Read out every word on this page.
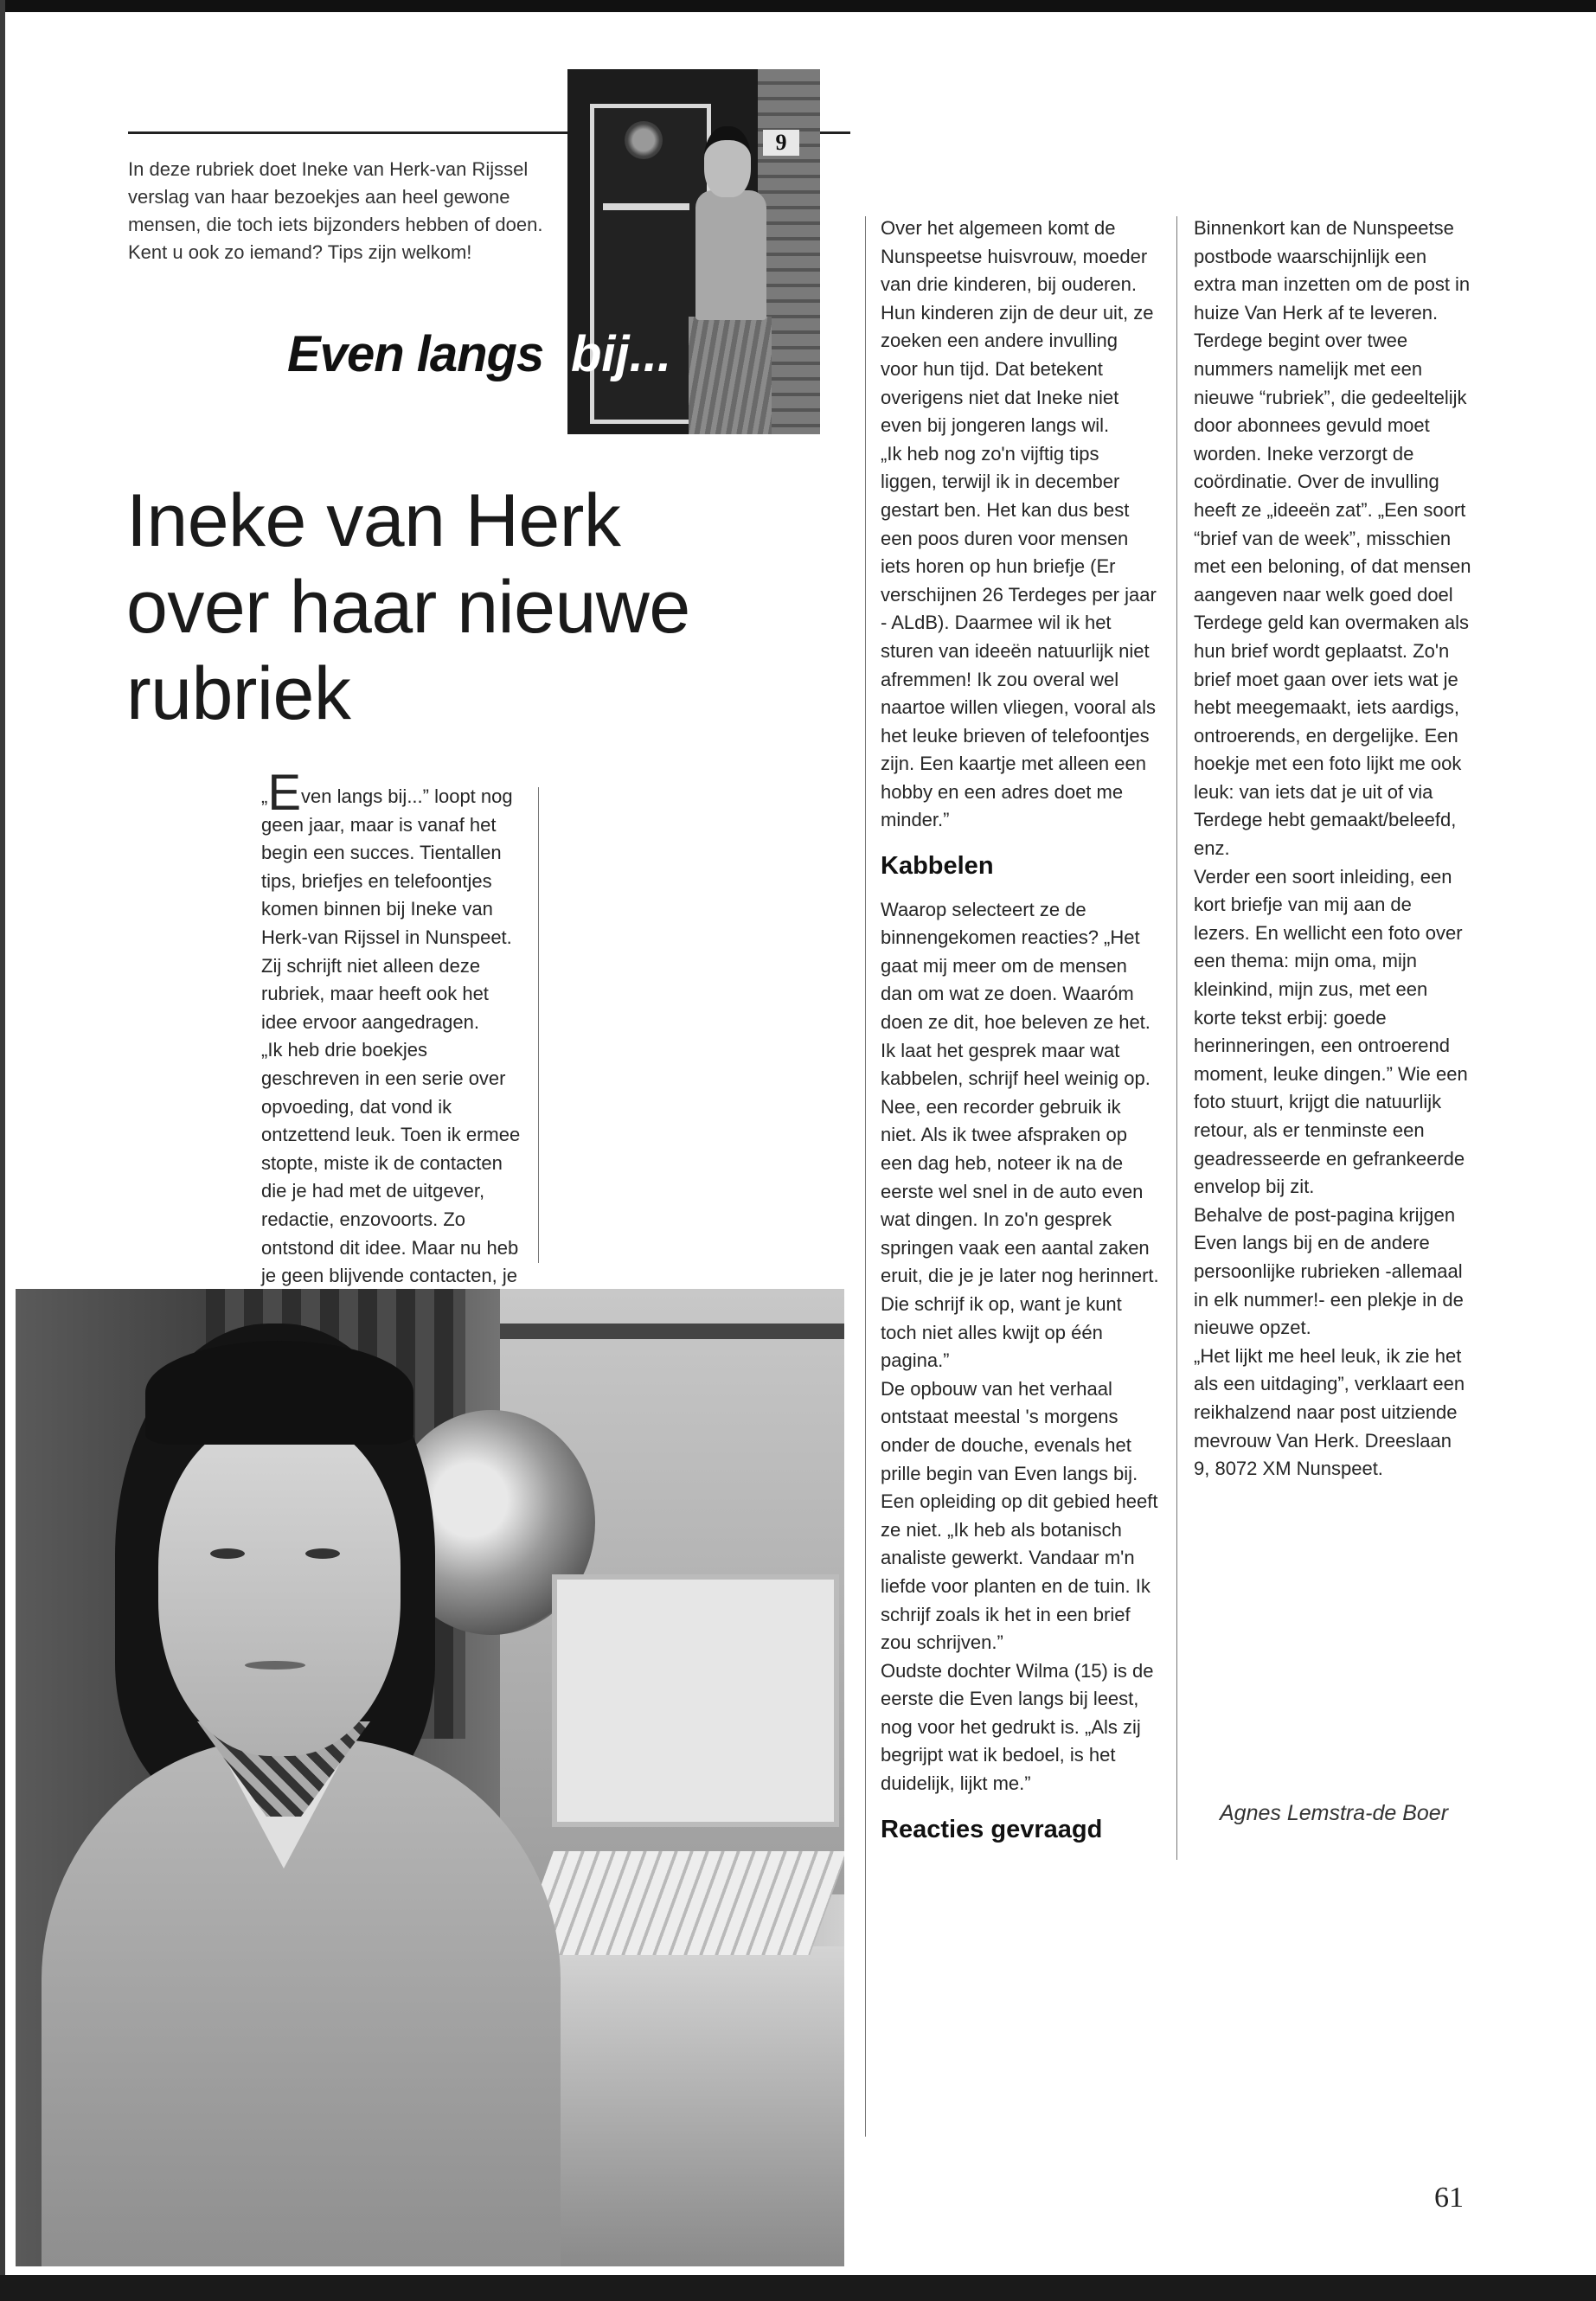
In deze rubriek doet Ineke van Herk-van Rijssel verslag van haar bezoekjes aan heel gewone mensen, die toch iets bijzonders hebben of doen. Kent u ook zo iemand? Tips zijn welkom!
9
Even langs bij...
Ineke van Herk over haar nieuwe rubriek

„Even langs bij...” loopt nog geen jaar, maar is vanaf het begin een succes. Tientallen tips, briefjes en telefoontjes komen binnen bij Ineke van Herk-van Rijssel in Nunspeet. Zij schrijft niet alleen deze rubriek, maar heeft ook het idee ervoor aangedragen.

„Ik heb drie boekjes geschreven in een serie over opvoeding, dat vond ik ontzettend leuk. Toen ik ermee stopte, miste ik de contacten die je had met de uitgever, redactie, enzovoorts. Zo ontstond dit idee. Maar nu heb je geen blijvende contacten, je

Over het algemeen komt de Nunspeetse huisvrouw, moeder van drie kinderen, bij ouderen. Hun kinderen zijn de deur uit, ze zoeken een andere invulling voor hun tijd. Dat betekent overigens niet dat Ineke niet even bij jongeren langs wil.

„Ik heb nog zo'n vijftig tips liggen, terwijl ik in december gestart ben. Het kan dus best een poos duren voor mensen iets horen op hun briefje (Er verschijnen 26 Terdeges per jaar - ALdB). Daarmee wil ik het sturen van ideeën natuurlijk niet afremmen! Ik zou overal wel naartoe willen vliegen, vooral als het leuke brieven of telefoontjes zijn. Een kaartje met alleen een hobby en een adres doet me minder.”

Kabbelen

Waarop selecteert ze de binnengekomen reacties? „Het gaat mij meer om de mensen dan om wat ze doen. Waaróm doen ze dit, hoe beleven ze het. Ik laat het gesprek maar wat kabbelen, schrijf heel weinig op. Nee, een recorder gebruik ik niet. Als ik twee afspraken op een dag heb, noteer ik na de eerste wel snel in de auto even wat dingen. In zo'n gesprek springen vaak een aantal zaken eruit, die je je later nog herinnert. Die schrijf ik op, want je kunt toch niet alles kwijt op één pagina.”

De opbouw van het verhaal ontstaat meestal 's morgens onder de douche, evenals het prille begin van Even langs bij. Een opleiding op dit gebied heeft ze niet. „Ik heb als botanisch analiste gewerkt. Vandaar m'n liefde voor planten en de tuin. Ik schrijf zoals ik het in een brief zou schrijven.”

Oudste dochter Wilma (15) is de eerste die Even langs bij leest, nog voor het gedrukt is. „Als zij begrijpt wat ik bedoel, is het duidelijk, lijkt me.”

Reacties gevraagd

Binnenkort kan de Nunspeetse postbode waarschijnlijk een extra man inzetten om de post in huize Van Herk af te leveren. Terdege begint over twee nummers namelijk met een nieuwe “rubriek”, die gedeeltelijk door abonnees gevuld moet worden. Ineke verzorgt de coördinatie. Over de invulling heeft ze „ideeën zat”. „Een soort “brief van de week”, misschien met een beloning, of dat mensen aangeven naar welk goed doel Terdege geld kan overmaken als hun brief wordt geplaatst. Zo'n brief moet gaan over iets wat je hebt meegemaakt, iets aardigs, ontroerends, en dergelijke. Een hoekje met een foto lijkt me ook leuk: van iets dat je uit of via Terdege hebt gemaakt/beleefd, enz.

Verder een soort inleiding, een kort briefje van mij aan de lezers. En wellicht een foto over een thema: mijn oma, mijn kleinkind, mijn zus, met een korte tekst erbij: goede herinneringen, een ontroerend moment, leuke dingen.” Wie een foto stuurt, krijgt die natuurlijk retour, als er tenminste een geadresseerde en gefrankeerde envelop bij zit.

Behalve de post-pagina krijgen Even langs bij en de andere persoonlijke rubrieken -allemaal in elk nummer!- een plekje in de nieuwe opzet.

„Het lijkt me heel leuk, ik zie het als een uitdaging”, verklaart een reikhalzend naar post uitziende mevrouw Van Herk. Dreeslaan 9, 8072 XM Nunspeet.

Agnes Lemstra-de Boer
61
